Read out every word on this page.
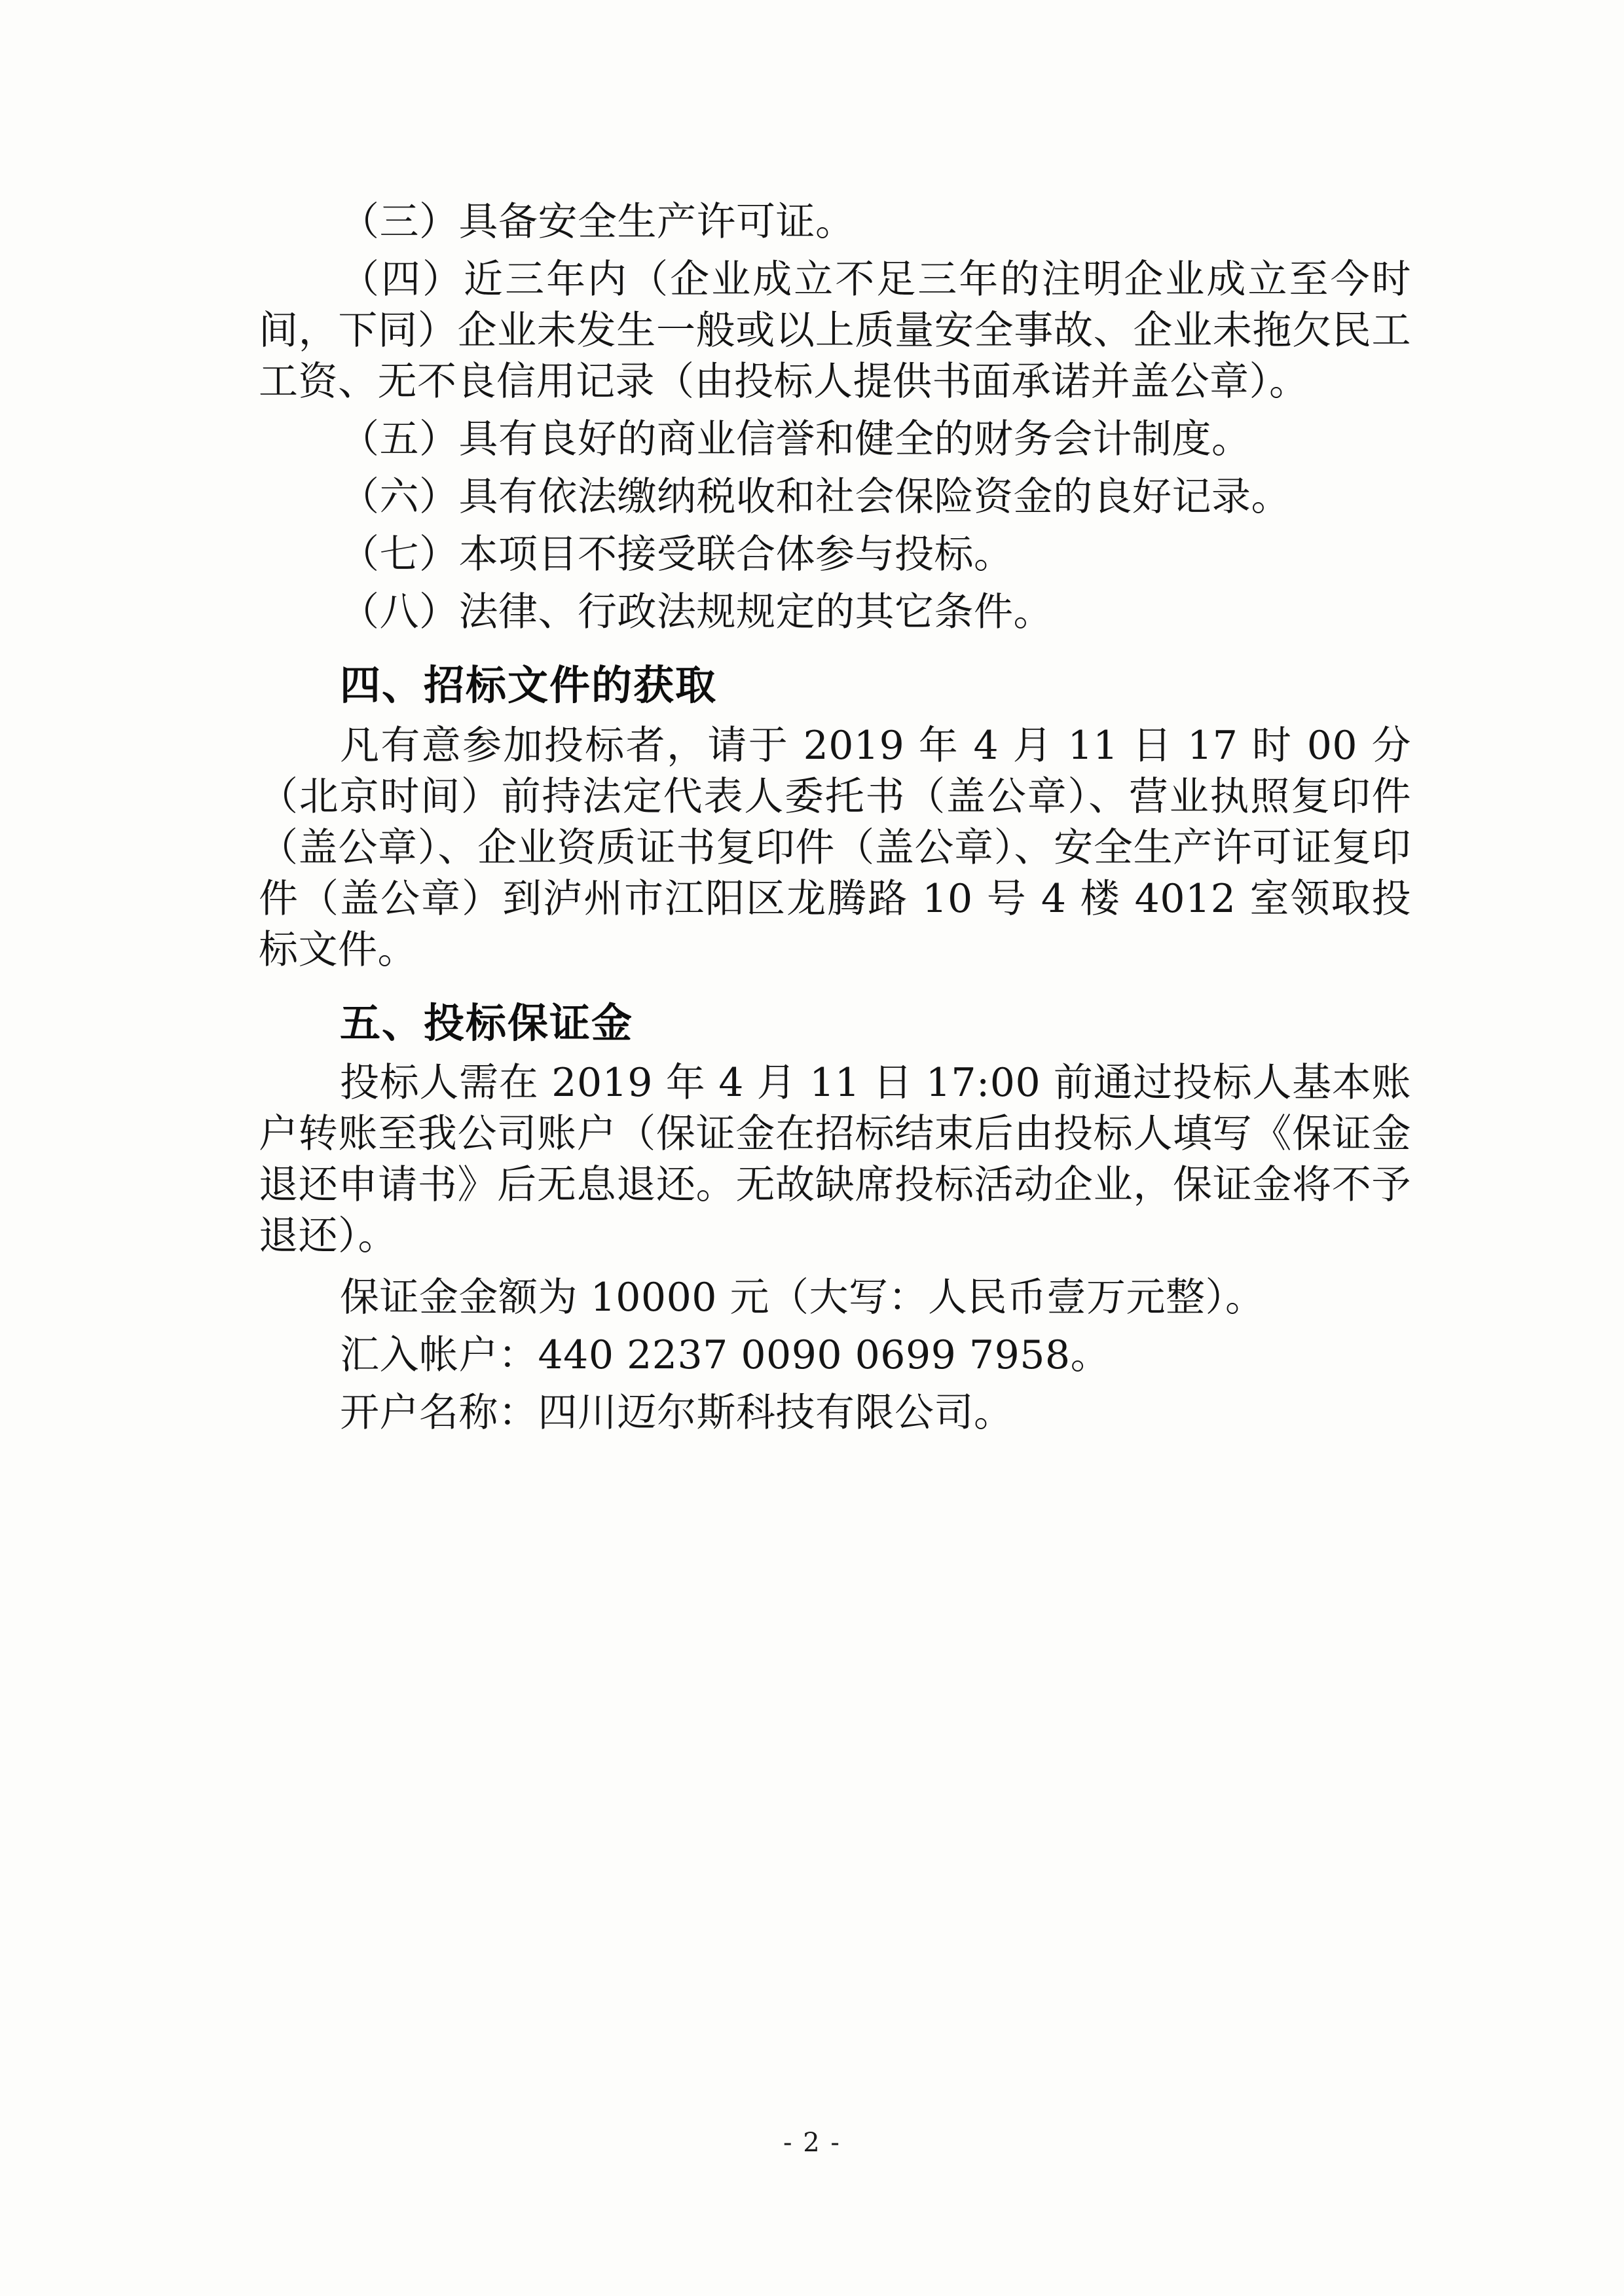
（三）具备安全生产许可证。

（四）近三年内（企业成立不足三年的注明企业成立至今时间，下同）企业未发生一般或以上质量安全事故、企业未拖欠民工工资、无不良信用记录（由投标人提供书面承诺并盖公章）。

（五）具有良好的商业信誉和健全的财务会计制度。

（六）具有依法缴纳税收和社会保险资金的良好记录。

（七）本项目不接受联合体参与投标。

（八）法律、行政法规规定的其它条件。

四、招标文件的获取

凡有意参加投标者，请于 2019 年 4 月 11 日 17 时 00 分（北京时间）前持法定代表人委托书（盖公章）、营业执照复印件（盖公章）、企业资质证书复印件（盖公章）、安全生产许可证复印件（盖公章）到泸州市江阳区龙腾路 10 号 4 楼 4012 室领取投标文件。

五、投标保证金

投标人需在 2019 年 4 月 11 日 17:00 前通过投标人基本账户转账至我公司账户（保证金在招标结束后由投标人填写《保证金退还申请书》后无息退还。无故缺席投标活动企业，保证金将不予退还）。

保证金金额为 10000 元（大写：人民币壹万元整）。

汇入帐户：440 2237 0090 0699 7958。

开户名称：四川迈尔斯科技有限公司。

- 2 -
